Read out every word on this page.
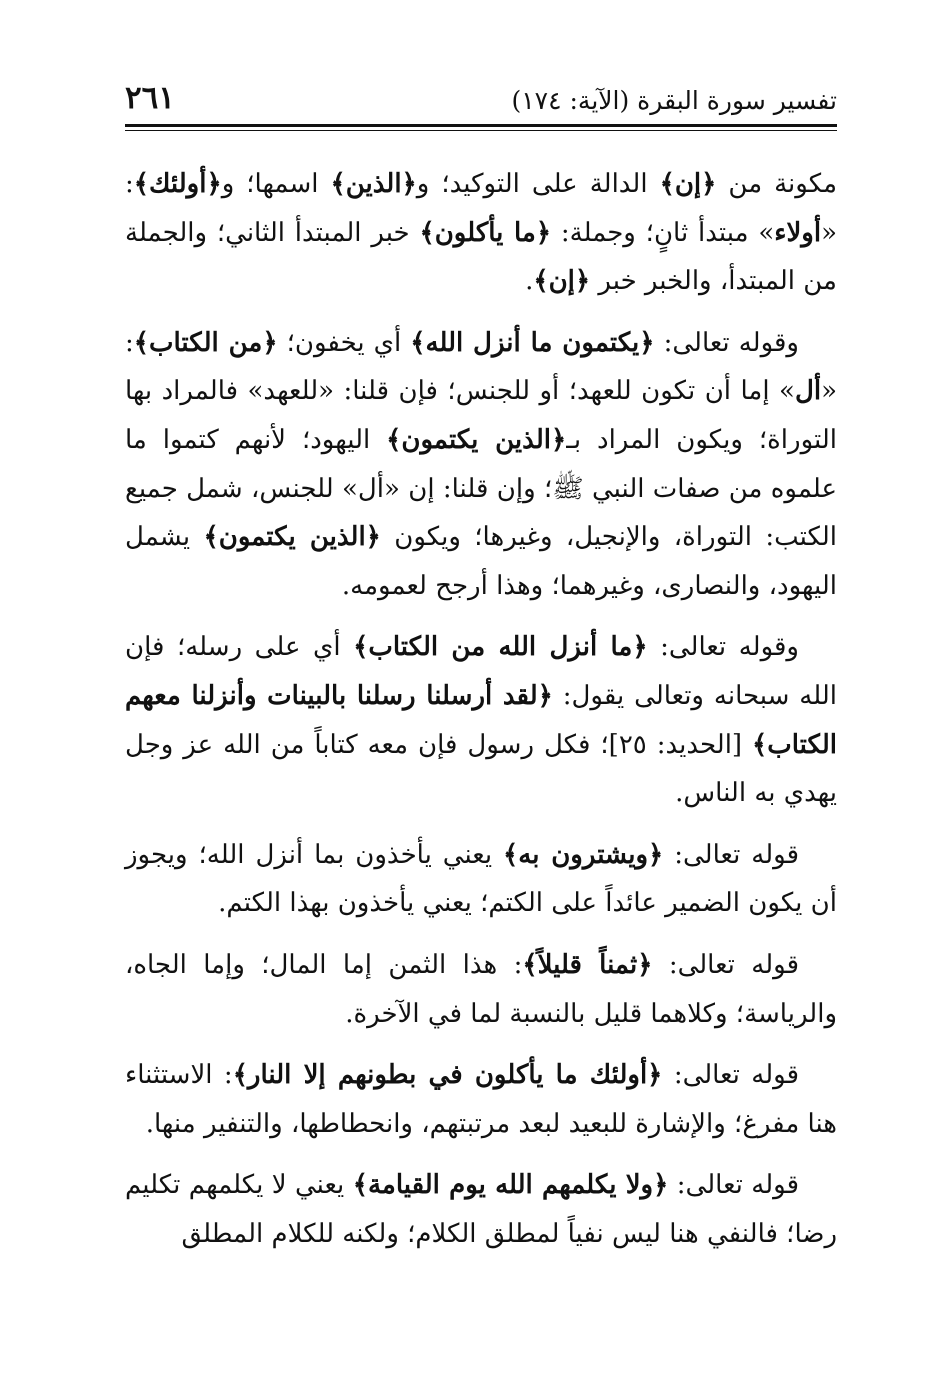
تفسير سورة البقرة (الآية: ١٧٤)
٢٦١

مكونة من ﴿إن﴾ الدالة على التوكيد؛ و﴿الذين﴾ اسمها؛ و﴿أولئك﴾: «أولاء» مبتدأ ثانٍ؛ وجملة: ﴿ما يأكلون﴾ خبر المبتدأ الثاني؛ والجملة من المبتدأ، والخبر خبر ﴿إن﴾.

وقوله تعالى: ﴿يكتمون ما أنزل الله﴾ أي يخفون؛ ﴿من الكتاب﴾: «أل» إما أن تكون للعهد؛ أو للجنس؛ فإن قلنا: «للعهد» فالمراد بها التوراة؛ ويكون المراد بـ﴿الذين يكتمون﴾ اليهود؛ لأنهم كتموا ما علموه من صفات النبي ﷺ؛ وإن قلنا: إن «أل» للجنس، شمل جميع الكتب: التوراة، والإنجيل، وغيرها؛ ويكون ﴿الذين يكتمون﴾ يشمل اليهود، والنصارى، وغيرهما؛ وهذا أرجح لعمومه.

وقوله تعالى: ﴿ما أنزل الله من الكتاب﴾ أي على رسله؛ فإن الله سبحانه وتعالى يقول: ﴿لقد أرسلنا رسلنا بالبينات وأنزلنا معهم الكتاب﴾ [الحديد: ٢٥]؛ فكل رسول فإن معه كتاباً من الله عز وجل يهدي به الناس.

قوله تعالى: ﴿ويشترون به﴾ يعني يأخذون بما أنزل الله؛ ويجوز أن يكون الضمير عائداً على الكتم؛ يعني يأخذون بهذا الكتم.

قوله تعالى: ﴿ثمناً قليلاً﴾: هذا الثمن إما المال؛ وإما الجاه، والرياسة؛ وكلاهما قليل بالنسبة لما في الآخرة.

قوله تعالى: ﴿أولئك ما يأكلون في بطونهم إلا النار﴾: الاستثناء هنا مفرغ؛ والإشارة للبعيد لبعد مرتبتهم، وانحطاطها، والتنفير منها.

قوله تعالى: ﴿ولا يكلمهم الله يوم القيامة﴾ يعني لا يكلمهم تكليم رضا؛ فالنفي هنا ليس نفياً لمطلق الكلام؛ ولكنه للكلام المطلق
